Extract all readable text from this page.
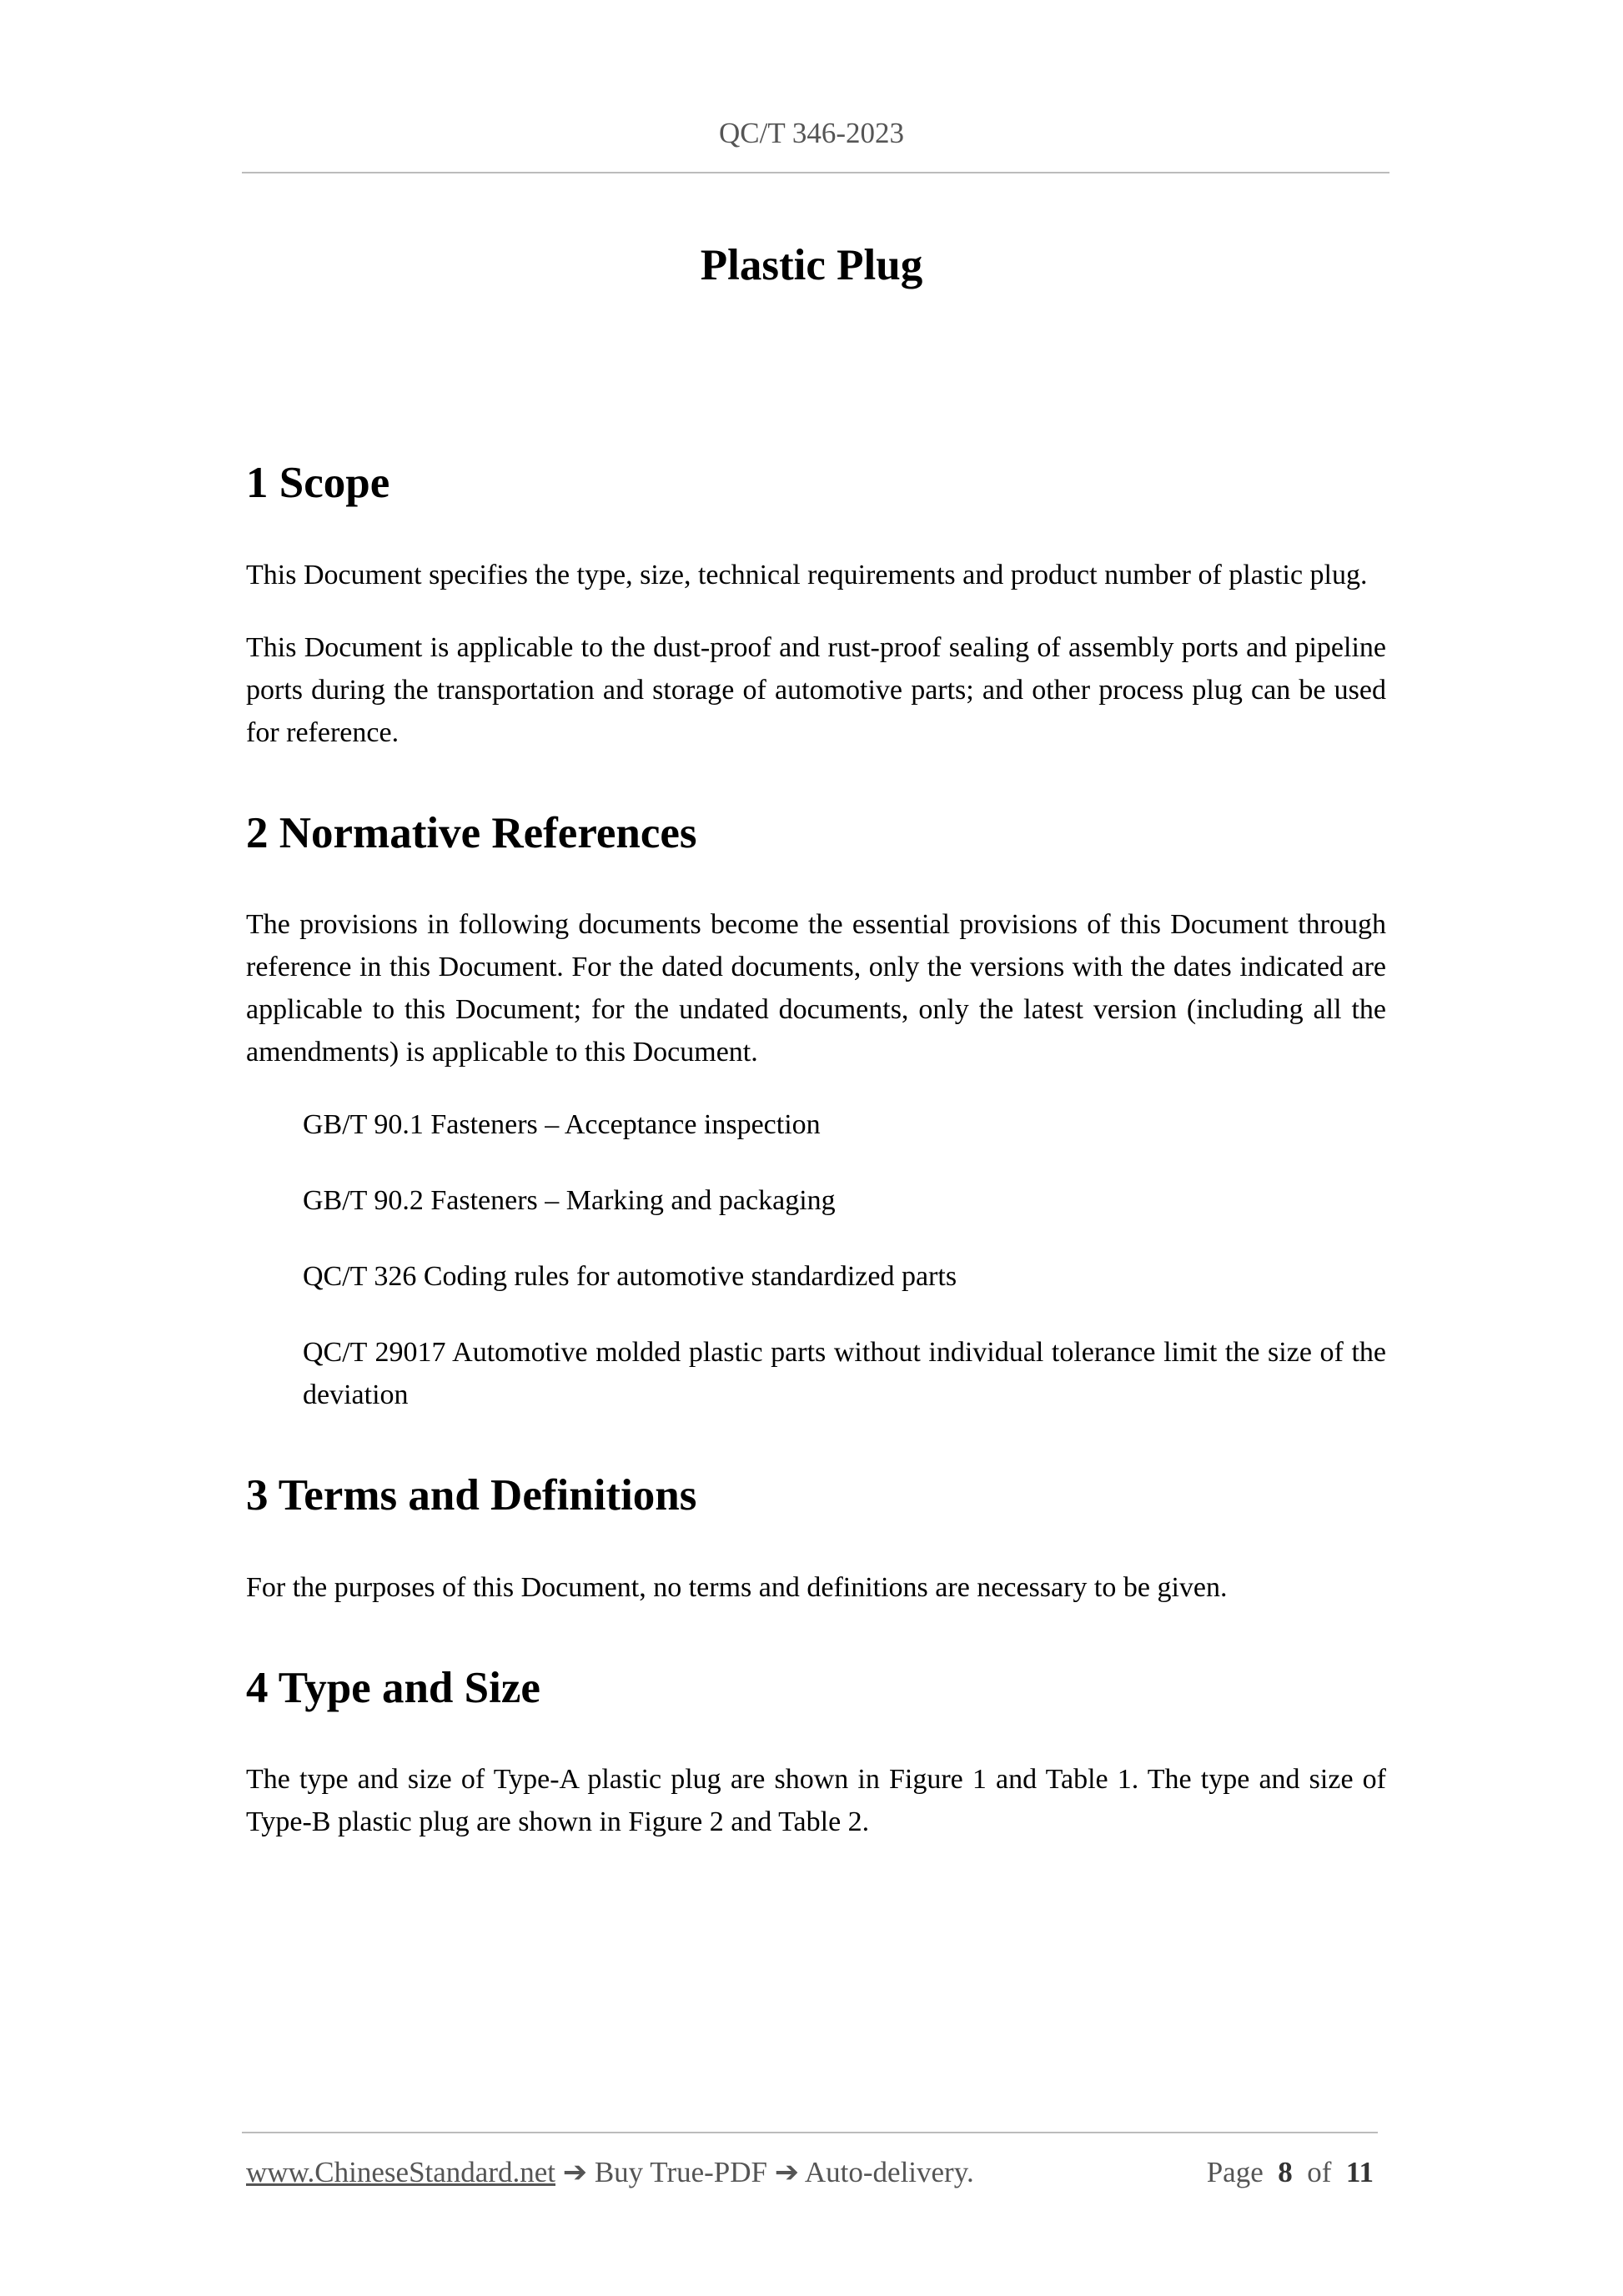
QC/T 346-2023
Plastic Plug
1 Scope

This Document specifies the type, size, technical requirements and product number of plastic plug.

This Document is applicable to the dust-proof and rust-proof sealing of assembly ports and pipeline ports during the transportation and storage of automotive parts; and other process plug can be used for reference.

2 Normative References

The provisions in following documents become the essential provisions of this Document through reference in this Document. For the dated documents, only the versions with the dates indicated are applicable to this Document; for the undated documents, only the latest version (including all the amendments) is applicable to this Document.

GB/T 90.1 Fasteners – Acceptance inspection

GB/T 90.2 Fasteners – Marking and packaging

QC/T 326 Coding rules for automotive standardized parts

QC/T 29017 Automotive molded plastic parts without individual tolerance limit the size of the deviation

3 Terms and Definitions

For the purposes of this Document, no terms and definitions are necessary to be given.

4 Type and Size

The type and size of Type-A plastic plug are shown in Figure 1 and Table 1. The type and size of Type-B plastic plug are shown in Figure 2 and Table 2.

www.ChineseStandard.net ➔ Buy True-PDF ➔ Auto-delivery.	Page 8 of 11
